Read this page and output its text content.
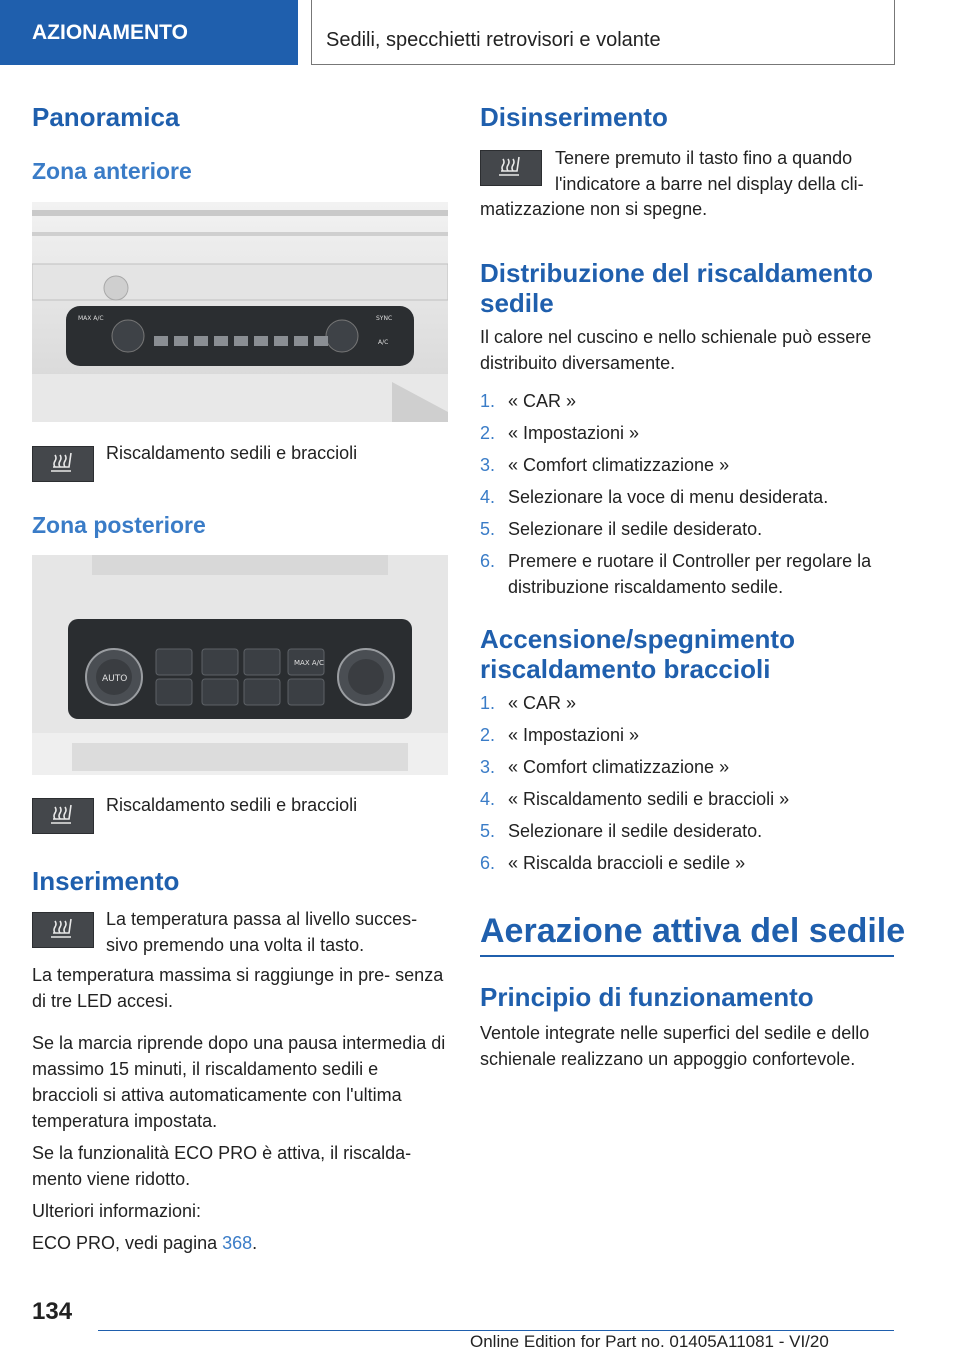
AZIONAMENTO	Sedili, specchietti retrovisori e volante
Panoramica
Zona anteriore
MAX A/C	SYNC
A/C
Riscaldamento sedili e braccioli
Zona posteriore
AUTO
MAX A/C
Riscaldamento sedili e braccioli
Inserimento
La temperatura passa al livello succes- sivo premendo una volta il tasto.
La temperatura massima si raggiunge in pre- senza di tre LED accesi.
Se la marcia riprende dopo una pausa intermedia di massimo 15 minuti, il riscaldamento sedili e braccioli si attiva automaticamente con l'ultima temperatura impostata.
Se la funzionalità ECO PRO è attiva, il riscalda- mento viene ridotto.
Ulteriori informazioni:
ECO PRO, vedi pagina 368.
Disinserimento
Tenere premuto il tasto fino a quando l'indicatore a barre nel display della cli-
matizzazione non si spegne.
Distribuzione del riscaldamento sedile
Il calore nel cuscino e nello schienale può essere distribuito diversamente.
1. « CAR »
2. « Impostazioni »
3. « Comfort climatizzazione »
4. Selezionare la voce di menu desiderata.
5. Selezionare il sedile desiderato.
6. Premere e ruotare il Controller per regolare la distribuzione riscaldamento sedile.
Accensione/spegnimento riscaldamento braccioli
1. « CAR »
2. « Impostazioni »
3. « Comfort climatizzazione »
4. « Riscaldamento sedili e braccioli »
5. Selezionare il sedile desiderato.
6. « Riscalda braccioli e sedile »
Aerazione attiva del sedile
Principio di funzionamento
Ventole integrate nelle superfici del sedile e dello schienale realizzano un appoggio confortevole.
134
Online Edition for Part no. 01405A11081 - VI/20
